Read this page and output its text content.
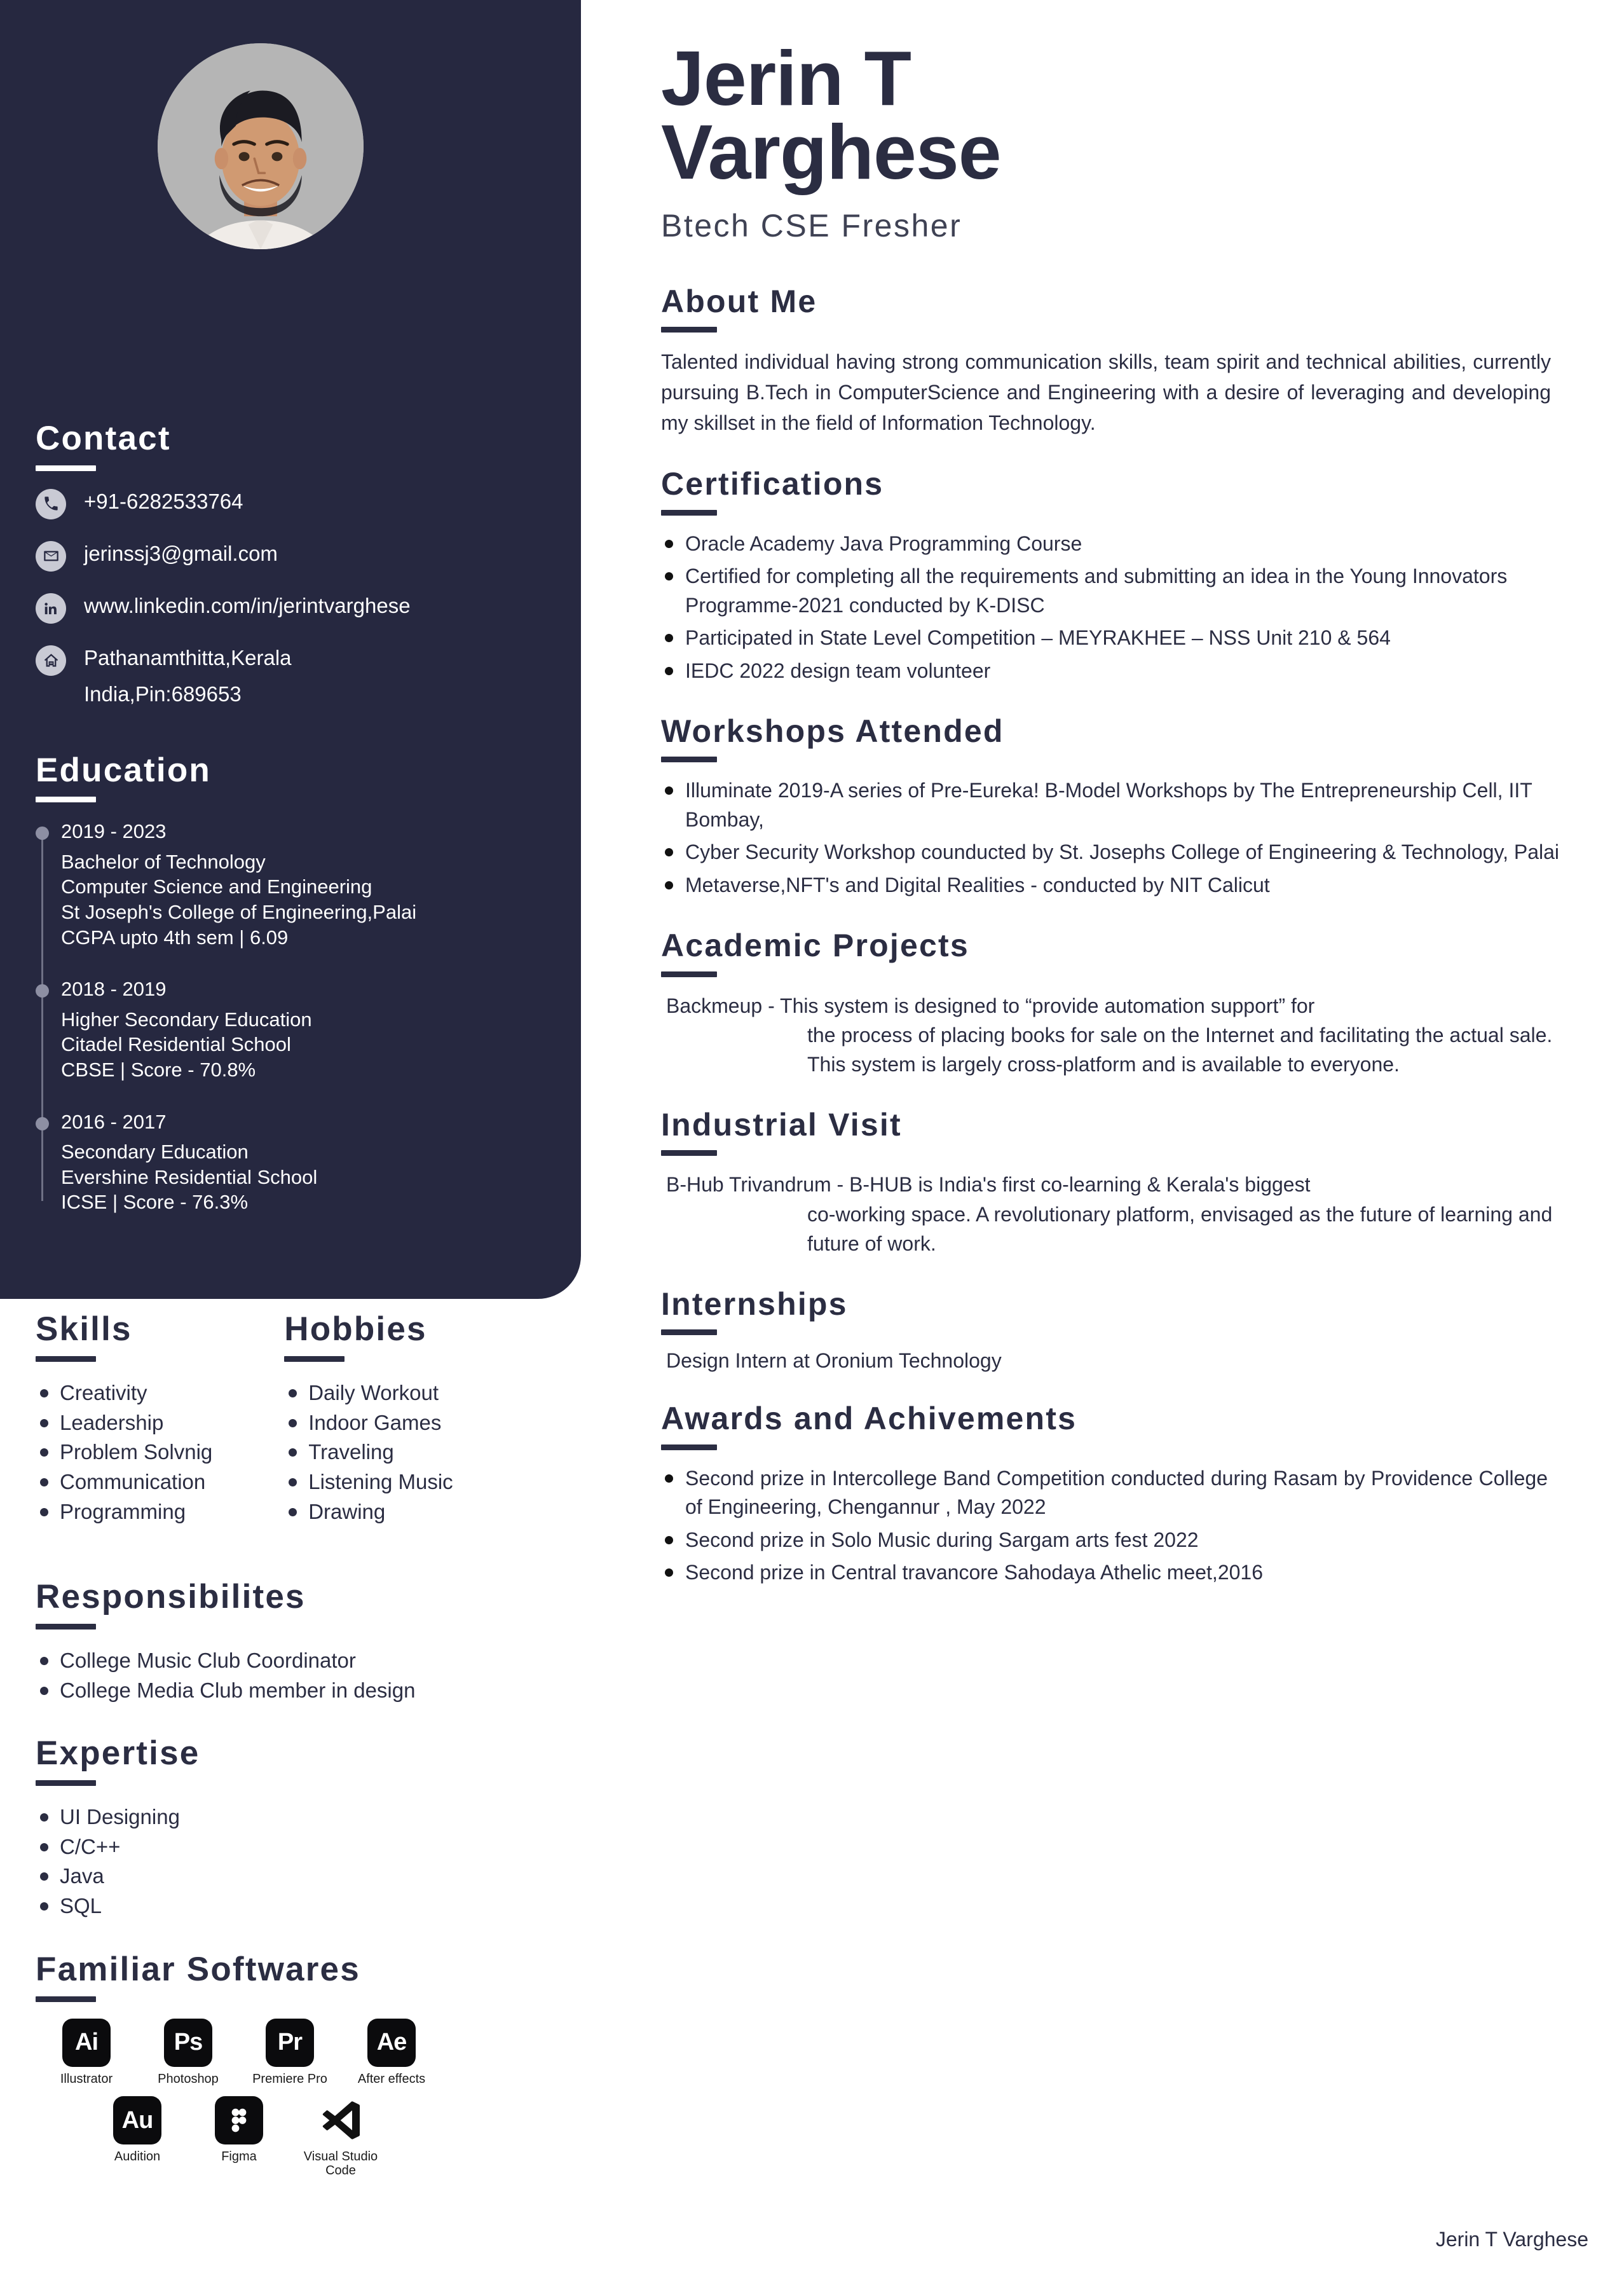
Contact
+91-6282533764
jerinssj3@gmail.com
www.linkedin.com/in/jerintvarghese
Pathanamthitta,Kerala
India,Pin:689653
Education
2019 - 2023
Bachelor of Technology
Computer Science and Engineering
St Joseph's College of Engineering,Palai
CGPA upto 4th sem | 6.09
2018 - 2019
Higher Secondary Education
Citadel Residential School
CBSE | Score - 70.8%
2016 - 2017
Secondary Education
Evershine Residential School
ICSE | Score - 76.3%
Skills
Creativity
Leadership
Problem Solvnig
Communication
Programming
Hobbies
Daily Workout
Indoor Games
Traveling
Listening Music
Drawing
Responsibilites
College Music Club Coordinator
College Media Club member in design
Expertise
UI Designing
C/C++
Java
SQL
Familiar Softwares
Ai
Illustrator
Ps
Photoshop
Pr
Premiere Pro
Ae
After effects
Au
Audition	Figma	Visual Studio Code
Jerin T Varghese
Btech CSE Fresher
About Me
Talented individual having strong communication skills, team spirit and technical abilities, currently pursuing B.Tech in ComputerScience and Engineering with a desire of leveraging and developing my skillset in the field of Information Technology.
Certifications
Oracle Academy Java Programming Course
Certified for completing all the requirements and submitting an idea in the Young Innovators Programme-2021 conducted by K-DISC
Participated in State Level Competition – MEYRAKHEE – NSS Unit 210 & 564
IEDC 2022 design team volunteer
Workshops Attended
Illuminate 2019-A series of Pre-Eureka! B-Model Workshops by The Entrepreneurship Cell, IIT Bombay,
Cyber Security Workshop counducted by St. Josephs College of Engineering & Technology, Palai
Metaverse,NFT's and Digital Realities - conducted by NIT Calicut
Academic Projects
Backmeup - This system is designed to “provide automation support” for
the process of placing books for sale on the Internet and facilitating the actual sale. This system is largely cross-platform and is available to everyone.
Industrial Visit
B-Hub Trivandrum - B-HUB is India's first co-learning & Kerala's biggest
co-working space. A revolutionary platform, envisaged as the future of learning and future of work.
Internships
Design Intern at Oronium Technology
Awards and Achivements
Second prize in Intercollege Band Competition conducted during Rasam by Providence College of Engineering, Chengannur , May 2022
Second prize in Solo Music during Sargam arts fest 2022
Second prize in Central travancore Sahodaya Athelic meet,2016
Jerin T Varghese
